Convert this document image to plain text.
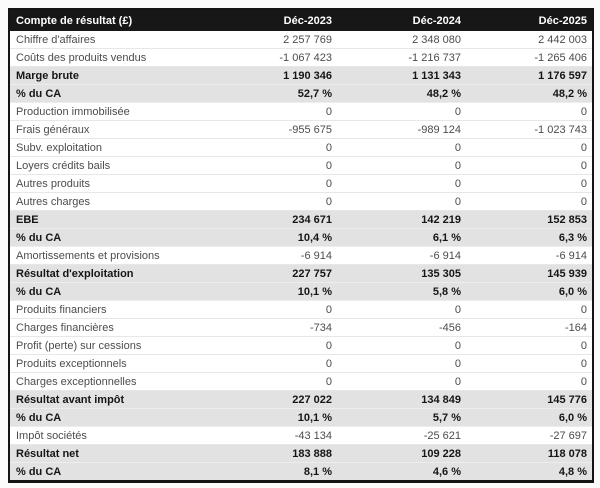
Compte de résultat (£)	Déc-2023	Déc-2024	Déc-2025
Chiffre d'affaires	2 257 769	2 348 080	2 442 003
Coûts des produits vendus	-1 067 423	-1 216 737	-1 265 406
Marge brute	1 190 346	1 131 343	1 176 597
% du CA	52,7 %	48,2 %	48,2 %
Production immobilisée	0	0	0
Frais généraux	-955 675	-989 124	-1 023 743
Subv. exploitation	0	0	0
Loyers crédits bails	0	0	0
Autres produits	0	0	0
Autres charges	0	0	0
EBE	234 671	142 219	152 853
% du CA	10,4 %	6,1 %	6,3 %
Amortissements et provisions	-6 914	-6 914	-6 914
Résultat d'exploitation	227 757	135 305	145 939
% du CA	10,1 %	5,8 %	6,0 %
Produits financiers	0	0	0
Charges financières	-734	-456	-164
Profit (perte) sur cessions	0	0	0
Produits exceptionnels	0	0	0
Charges exceptionnelles	0	0	0
Résultat avant impôt	227 022	134 849	145 776
% du CA	10,1 %	5,7 %	6,0 %
Impôt sociétés	-43 134	-25 621	-27 697
Résultat net	183 888	109 228	118 078
% du CA	8,1 %	4,6 %	4,8 %
